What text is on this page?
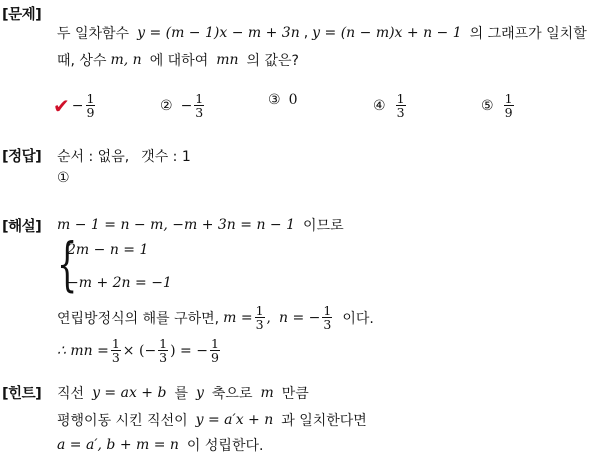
[문제]
두 일차함수 y = (m − 1)x − m + 3n , y = (n − m)x + n − 1 의 그래프가 일치할
때, 상수 m, n 에 대하여 mn 의 값은?
✔ − $\frac{1}{9}$	② − $\frac{1}{3}$	③ 0	④ $\frac{1}{3}$	⑤ $\frac{1}{9}$
[정답] 순서 : 없음, 갯수 : 1
①
[해설] m − 1 = n − m, −m + 3n = n − 1 이므로
{
2m − n = 1
−m + 2n = −1
연립방정식의 해를 구하면, $m = \frac{1}{3}$ , n = − $\frac{1}{3}$ 이다.
∴ mn = $\frac{1}{3}$ × (− $\frac{1}{3}$ ) = − $\frac{1}{9}$
[힌트] 직선 y = ax + b 를 y 축으로 m 만큼
평행이동 시킨 직선이 y = a′x + n 과 일치한다면
a = a′, b + m = n 이 성립한다.
